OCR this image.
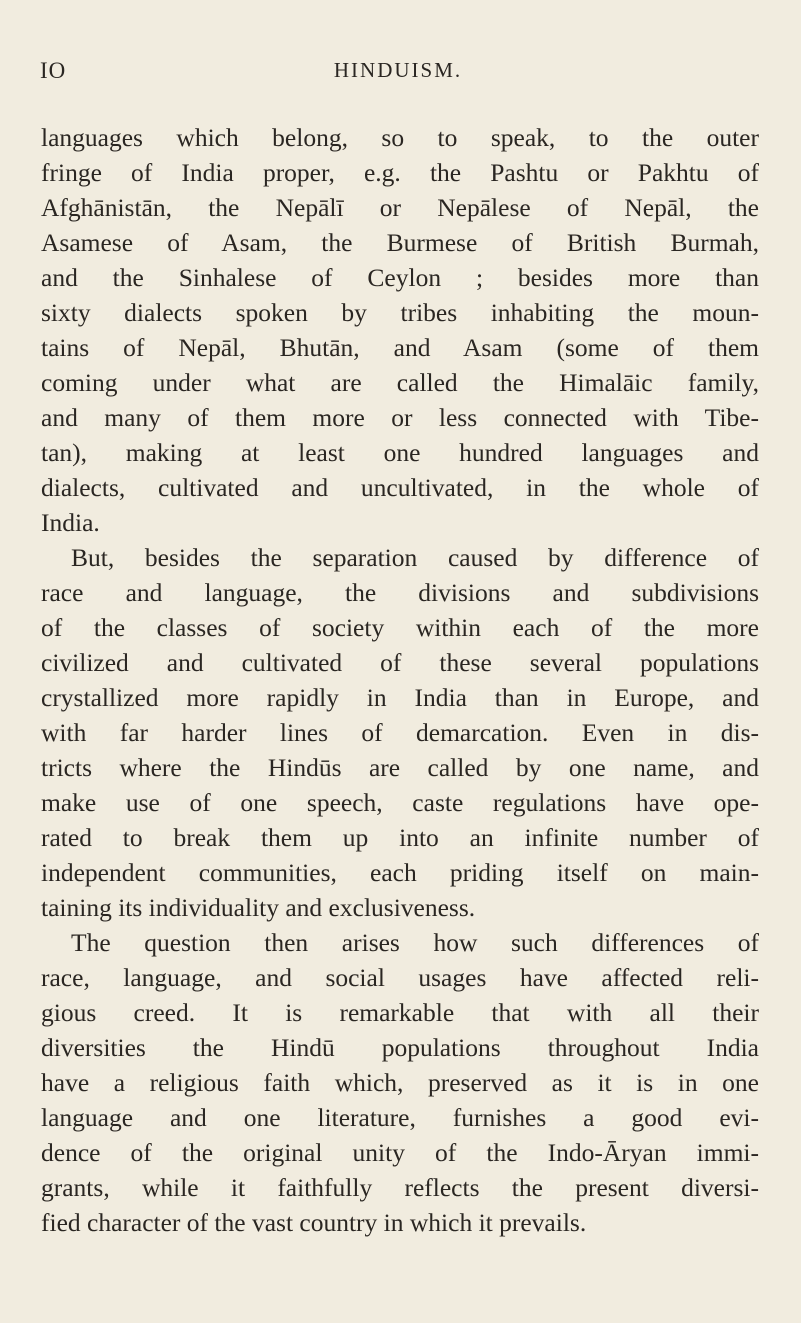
IO	HINDUISM.
languages which belong, so to speak, to the outer
fringe of India proper, e.g. the Pashtu or Pakhtu of
Afghānistān, the Nepālī or Nepālese of Nepāl, the
Asamese of Asam, the Burmese of British Burmah,
and the Sinhalese of Ceylon ; besides more than
sixty dialects spoken by tribes inhabiting the moun-
tains of Nepāl, Bhutān, and Asam (some of them
coming under what are called the Himalāic family,
and many of them more or less connected with Tibe-
tan), making at least one hundred languages and
dialects, cultivated and uncultivated, in the whole of
India.
But, besides the separation caused by difference of
race and language, the divisions and subdivisions
of the classes of society within each of the more
civilized and cultivated of these several populations
crystallized more rapidly in India than in Europe, and
with far harder lines of demarcation. Even in dis-
tricts where the Hindūs are called by one name, and
make use of one speech, caste regulations have ope-
rated to break them up into an infinite number of
independent communities, each priding itself on main-
taining its individuality and exclusiveness.
The question then arises how such differences of
race, language, and social usages have affected reli-
gious creed. It is remarkable that with all their
diversities the Hindū populations throughout India
have a religious faith which, preserved as it is in one
language and one literature, furnishes a good evi-
dence of the original unity of the Indo-Āryan immi-
grants, while it faithfully reflects the present diversi-
fied character of the vast country in which it prevails.
